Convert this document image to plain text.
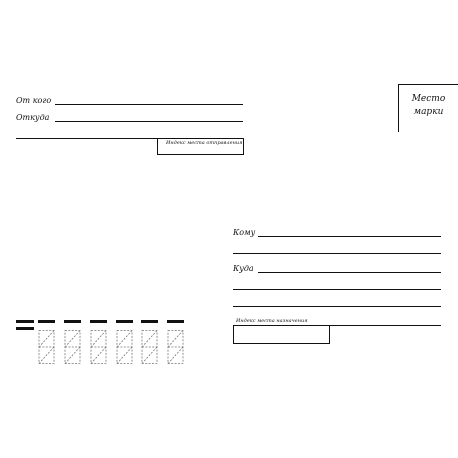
От кого
Откуда
Индекс места отправления
Место
марки
Кому
Куда
Индекс места назначения
